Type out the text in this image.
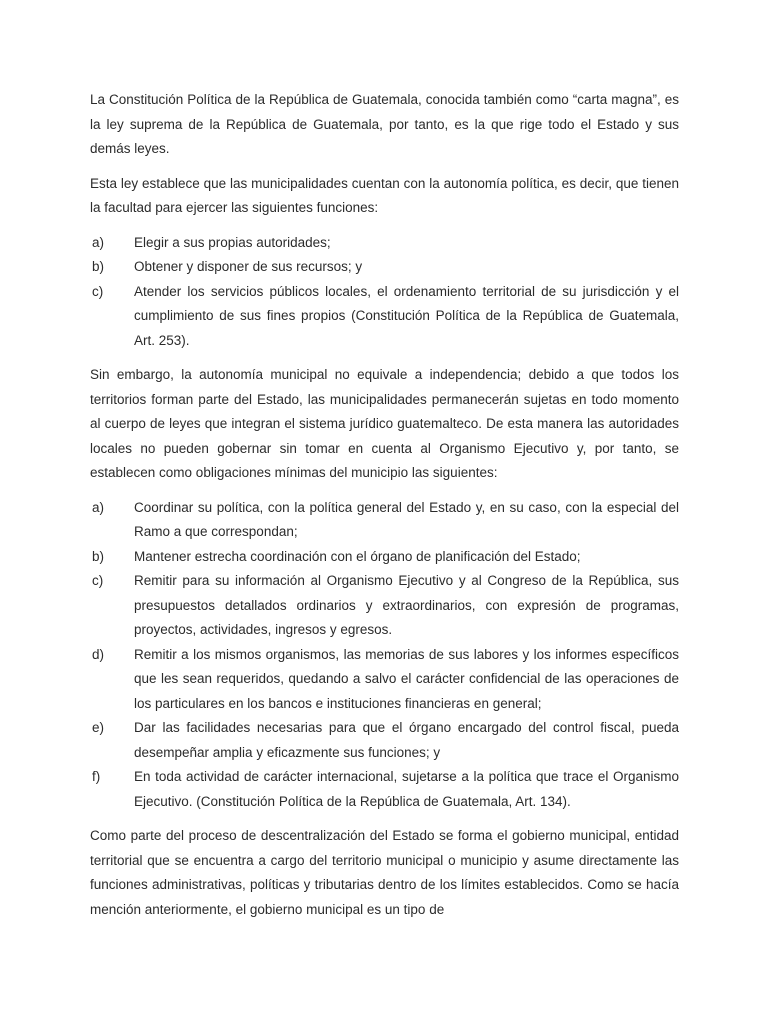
La Constitución Política de la República de Guatemala, conocida también como “carta magna”, es la ley suprema de la República de Guatemala, por tanto, es la que rige todo el Estado y sus demás leyes.

Esta ley establece que las municipalidades cuentan con la autonomía política, es decir, que tienen la facultad para ejercer las siguientes funciones:

a)	Elegir a sus propias autoridades;
b)	Obtener y disponer de sus recursos; y
c)	Atender los servicios públicos locales, el ordenamiento territorial de su jurisdicción y el cumplimiento de sus fines propios (Constitución Política de la República de Guatemala, Art. 253).

Sin embargo, la autonomía municipal no equivale a independencia; debido a que todos los territorios forman parte del Estado, las municipalidades permanecerán sujetas en todo momento al cuerpo de leyes que integran el sistema jurídico guatemalteco. De esta manera las autoridades locales no pueden gobernar sin tomar en cuenta al Organismo Ejecutivo y, por tanto, se establecen como obligaciones mínimas del municipio las siguientes:

a)	Coordinar su política, con la política general del Estado y, en su caso, con la especial del Ramo a que correspondan;
b)	Mantener estrecha coordinación con el órgano de planificación del Estado;
c)	Remitir para su información al Organismo Ejecutivo y al Congreso de la República, sus presupuestos detallados ordinarios y extraordinarios, con expresión de programas, proyectos, actividades, ingresos y egresos.
d)	Remitir a los mismos organismos, las memorias de sus labores y los informes específicos que les sean requeridos, quedando a salvo el carácter confidencial de las operaciones de los particulares en los bancos e instituciones financieras en general;
e)	Dar las facilidades necesarias para que el órgano encargado del control fiscal, pueda desempeñar amplia y eficazmente sus funciones; y
f)	En toda actividad de carácter internacional, sujetarse a la política que trace el Organismo Ejecutivo. (Constitución Política de la República de Guatemala, Art. 134).

Como parte del proceso de descentralización del Estado se forma el gobierno municipal, entidad territorial que se encuentra a cargo del territorio municipal o municipio y asume directamente las funciones administrativas, políticas y tributarias dentro de los límites establecidos. Como se hacía mención anteriormente, el gobierno municipal es un tipo de
